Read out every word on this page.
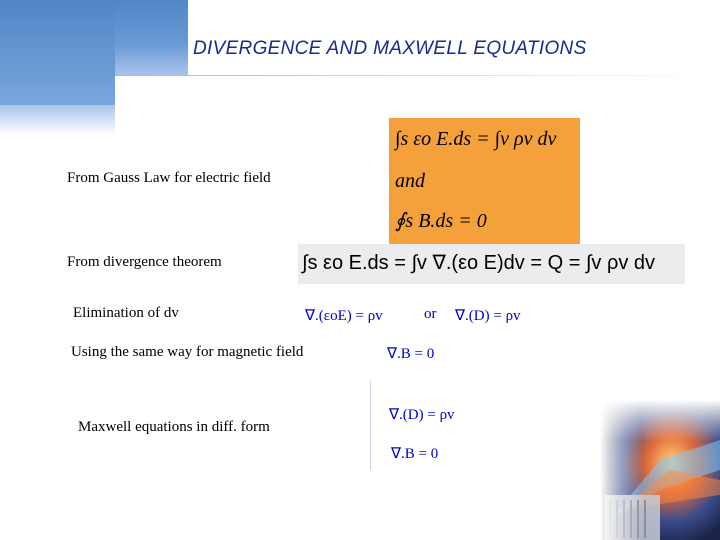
DIVERGENCE AND MAXWELL EQUATIONS
From Gauss Law for electric field
∫s εo E.ds = ∫v ρv dv
and
∮s B.ds = 0
From divergence theorem	∫s εo E.ds = ∫v ∇.(εo E)dv = Q = ∫v ρv dv
Elimination of dv	∇.(εoE) = ρv	or ∇.(D) = ρv
Using the same way for magnetic field	∇.B = 0
Maxwell equations in diff. form
∇.(D) = ρv
∇.B = 0
